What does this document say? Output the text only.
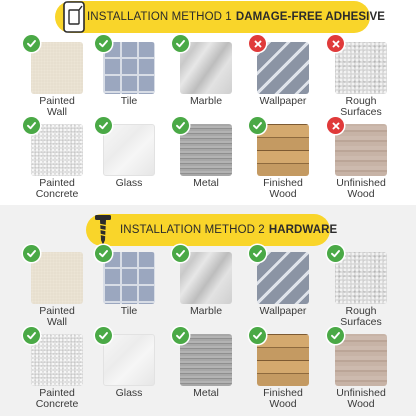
INSTALLATION METHOD 1 DAMAGE-FREE ADHESIVE
Painted
Wall
Tile	Marble	Wallpaper	Rough
Surfaces
Painted
Concrete
Glass	Metal	Finished
Wood
Unfinished
Wood
INSTALLATION METHOD 2 HARDWARE
Painted
Wall
Tile	Marble	Wallpaper	Rough
Surfaces
Painted
Concrete
Glass	Metal	Finished
Wood
Unfinished
Wood
